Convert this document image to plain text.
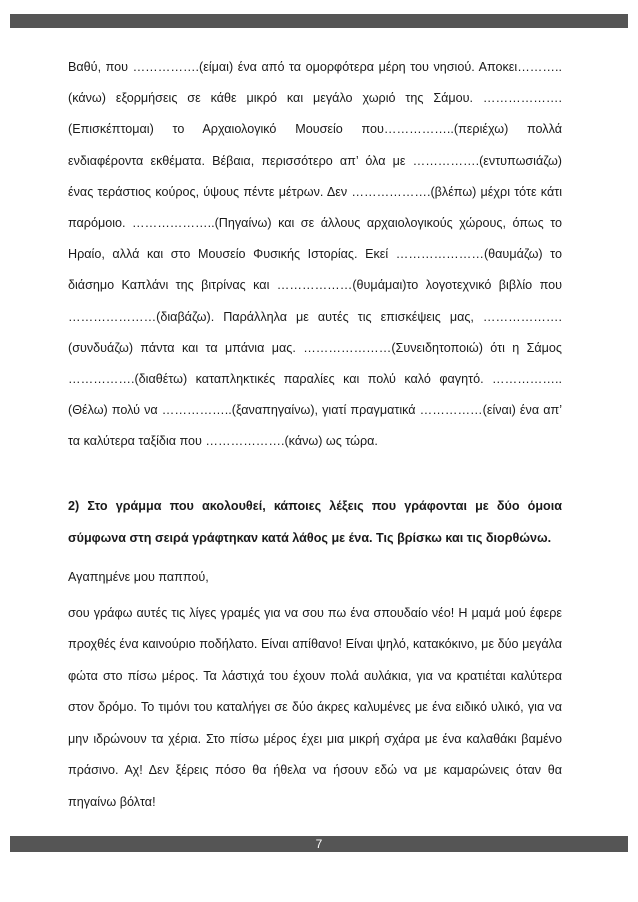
Βαθύ, που …………….(είμαι) ένα από τα ομορφότερα μέρη του νησιού. Αποκει………..(κάνω) εξορμήσεις σε κάθε μικρό και μεγάλο χωριό της Σάμου. ……………….(Επισκέπτομαι) το Αρχαιολογικό Μουσείο που……………..(περιέχω) πολλά ενδιαφέροντα εκθέματα. Βέβαια, περισσότερο απ’ όλα με …………….(εντυπωσιάζω) ένας τεράστιος κούρος, ύψους πέντε μέτρων. Δεν ……………….(βλέπω) μέχρι τότε κάτι παρόμοιο. ………………..(Πηγαίνω) και σε άλλους αρχαιολογικούς χώρους, όπως το Ηραίο, αλλά και στο Μουσείο Φυσικής Ιστορίας. Εκεί …………………(θαυμάζω) το διάσημο Καπλάνι της βιτρίνας και ………………(θυμάμαι)το λογοτεχνικό βιβλίο που …………………(διαβάζω). Παράλληλα με αυτές τις επισκέψεις μας, ……………….(συνδυάζω) πάντα και τα μπάνια μας. …………………(Συνειδητοποιώ) ότι η Σάμος …………….(διαθέτω) καταπληκτικές παραλίες και πολύ καλό φαγητό. ……………..(Θέλω) πολύ να ……………..(ξαναπηγαίνω), γιατί πραγματικά ……………(είναι) ένα απ’ τα καλύτερα ταξίδια που ……………….(κάνω) ως τώρα.

2) Στο γράμμα που ακολουθεί, κάποιες λέξεις που γράφονται με δύο όμοια σύμφωνα στη σειρά γράφτηκαν κατά λάθος με ένα. Τις βρίσκω και τις διορθώνω.

Αγαπημένε μου παππού,

σου γράφω αυτές τις λίγες γραμές για να σου πω ένα σπουδαίο νέο! Η μαμά μού έφερε προχθές ένα καινούριο ποδήλατο. Είναι απίθανο! Είναι ψηλό, κατακόκινο, με δύο μεγάλα φώτα στο πίσω μέρος. Τα λάστιχά του έχουν πολά αυλάκια, για να κρατιέται καλύτερα στον δρόμο. Το τιμόνι του καταλήγει σε δύο άκρες καλυμένες με ένα ειδικό υλικό, για να μην ιδρώνουν τα χέρια. Στο πίσω μέρος έχει μια μικρή σχάρα με ένα καλαθάκι βαμένο πράσινο. Αχ! Δεν ξέρεις πόσο θα ήθελα να ήσουν εδώ να με καμαρώνεις όταν θα πηγαίνω βόλτα!

7
